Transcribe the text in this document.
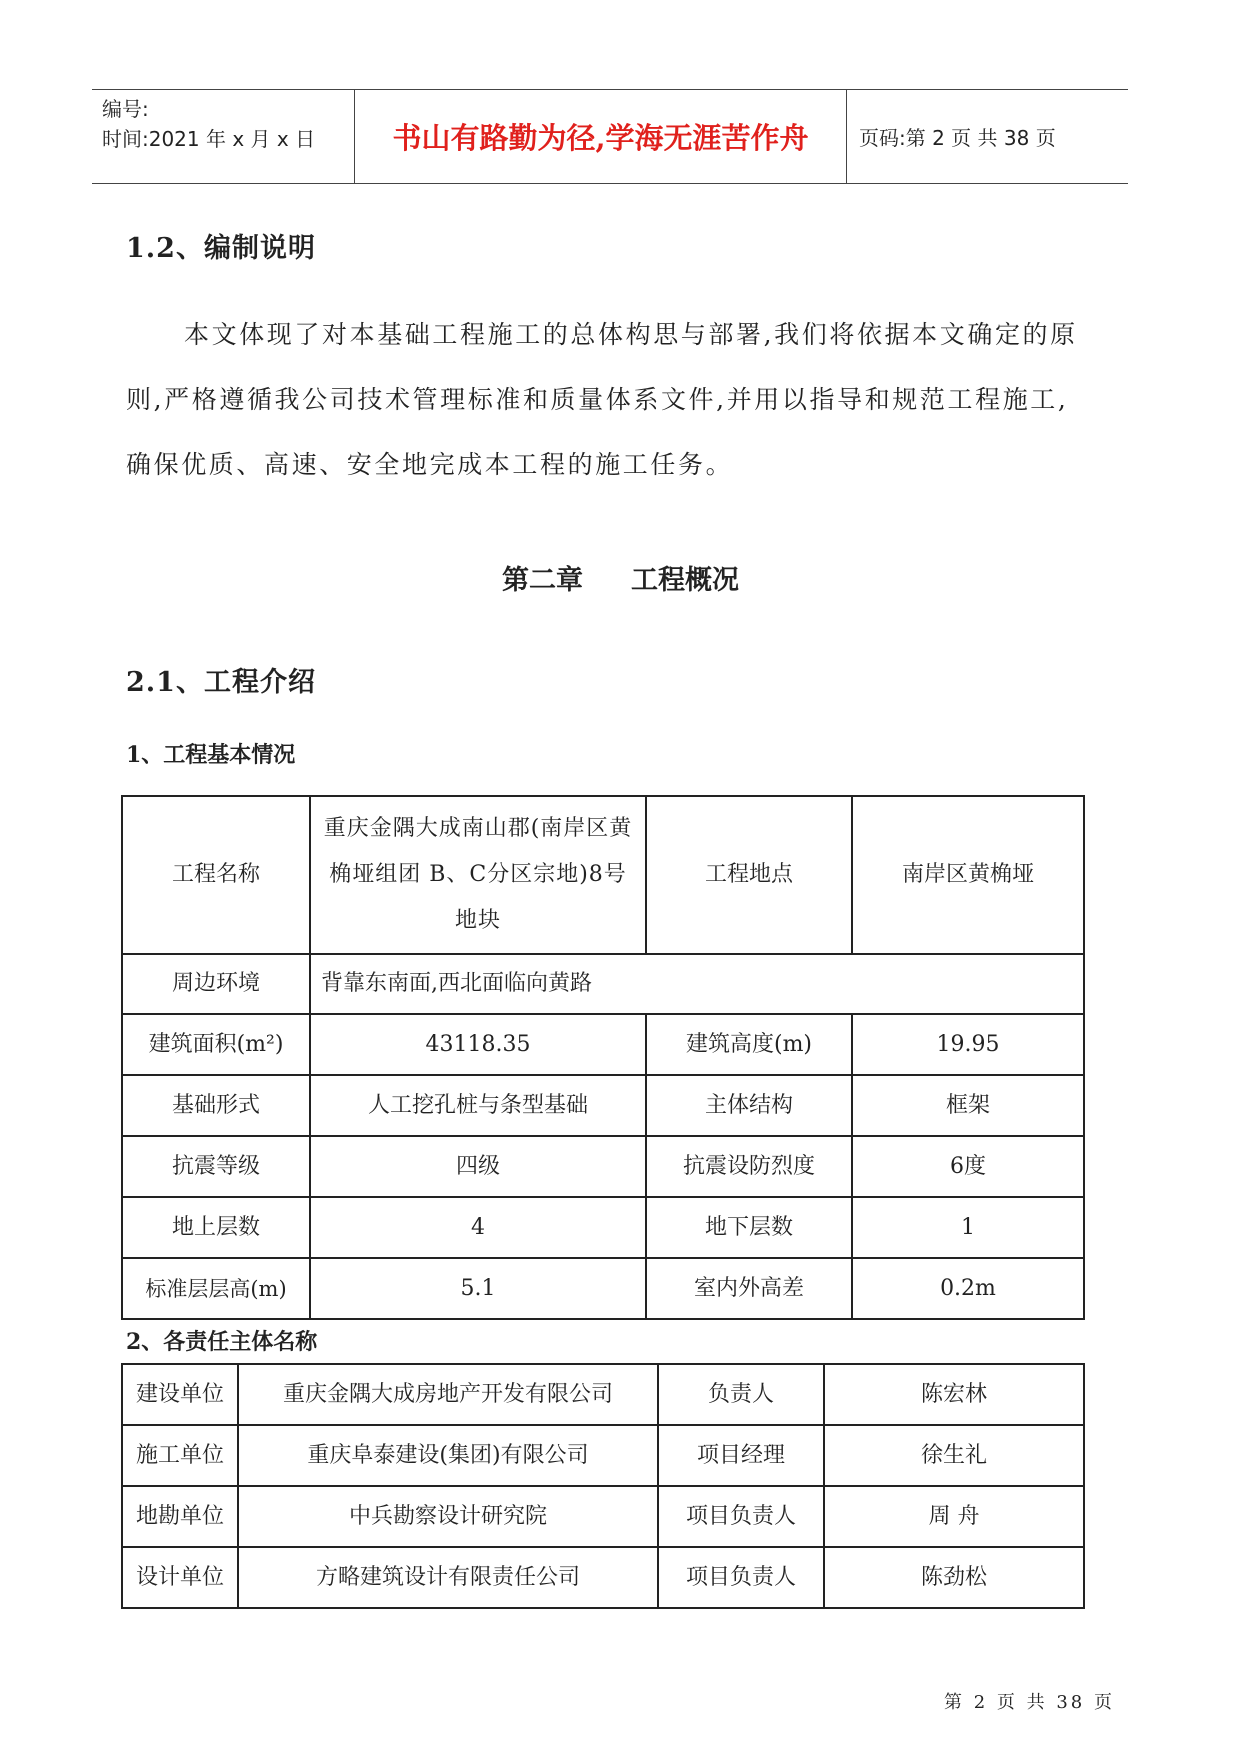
编号:
时间:2021 年 x 月 x 日	书山有路勤为径,学海无涯苦作舟	页码:第 2 页 共 38 页
1.2、编制说明
本文体现了对本基础工程施工的总体构思与部署,我们将依据本文确定的原则,严格遵循我公司技术管理标准和质量体系文件,并用以指导和规范工程施工,确保优质、高速、安全地完成本工程的施工任务。
第二章 工程概况
2.1、工程介绍
1、工程基本情况
工程名称	重庆金隅大成南山郡(南岸区黄桷垭组团 B、C分区宗地)8号地块	工程地点	南岸区黄桷垭
周边环境	背靠东南面,西北面临向黄路		
建筑面积(m²)	43118.35	建筑高度(m)	19.95
基础形式	人工挖孔桩与条型基础	主体结构	框架
抗震等级	四级	抗震设防烈度	6度
地上层数	4	地下层数	1
标准层层高(m)	5.1	室内外高差	0.2m
2、各责任主体名称
建设单位	重庆金隅大成房地产开发有限公司	负责人	陈宏林
施工单位	重庆阜泰建设(集团)有限公司	项目经理	徐生礼
地勘单位	中兵勘察设计研究院	项目负责人	周 舟
设计单位	方略建筑设计有限责任公司	项目负责人	陈劲松
第 2 页 共 38 页
